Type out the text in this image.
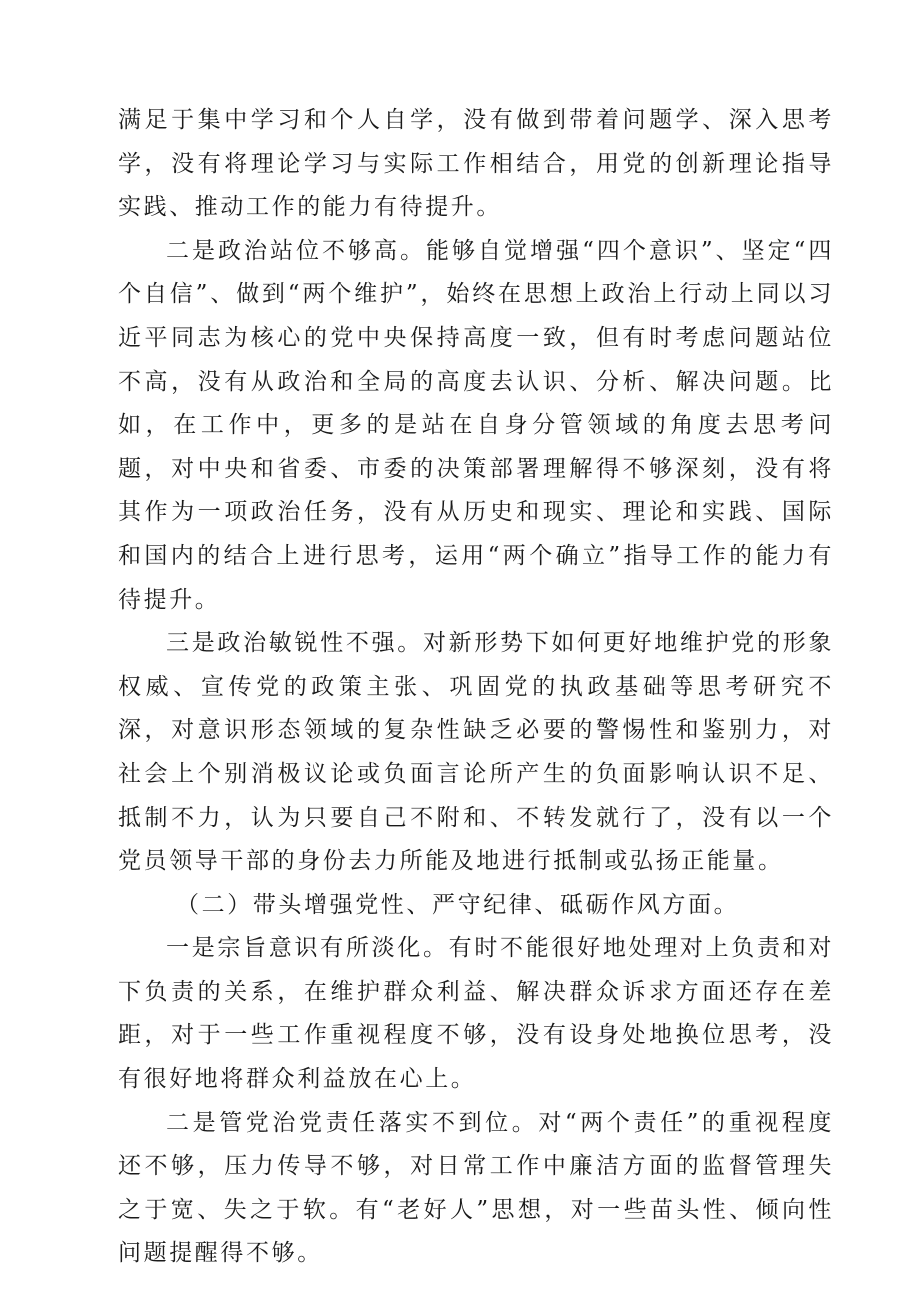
满足于集中学习和个人自学，没有做到带着问题学、深入思考学，没有将理论学习与实际工作相结合，用党的创新理论指导实践、推动工作的能力有待提升。

二是政治站位不够高。能够自觉增强“四个意识”、坚定“四个自信”、做到“两个维护”，始终在思想上政治上行动上同以习近平同志为核心的党中央保持高度一致，但有时考虑问题站位不高，没有从政治和全局的高度去认识、分析、解决问题。比如，在工作中，更多的是站在自身分管领域的角度去思考问题，对中央和省委、市委的决策部署理解得不够深刻，没有将其作为一项政治任务，没有从历史和现实、理论和实践、国际和国内的结合上进行思考，运用“两个确立”指导工作的能力有待提升。

三是政治敏锐性不强。对新形势下如何更好地维护党的形象权威、宣传党的政策主张、巩固党的执政基础等思考研究不深，对意识形态领域的复杂性缺乏必要的警惕性和鉴别力，对社会上个别消极议论或负面言论所产生的负面影响认识不足、抵制不力，认为只要自己不附和、不转发就行了，没有以一个党员领导干部的身份去力所能及地进行抵制或弘扬正能量。

（二）带头增强党性、严守纪律、砥砺作风方面。

一是宗旨意识有所淡化。有时不能很好地处理对上负责和对下负责的关系，在维护群众利益、解决群众诉求方面还存在差距，对于一些工作重视程度不够，没有设身处地换位思考，没有很好地将群众利益放在心上。

二是管党治党责任落实不到位。对“两个责任”的重视程度还不够，压力传导不够，对日常工作中廉洁方面的监督管理失之于宽、失之于软。有“老好人”思想，对一些苗头性、倾向性问题提醒得不够。
